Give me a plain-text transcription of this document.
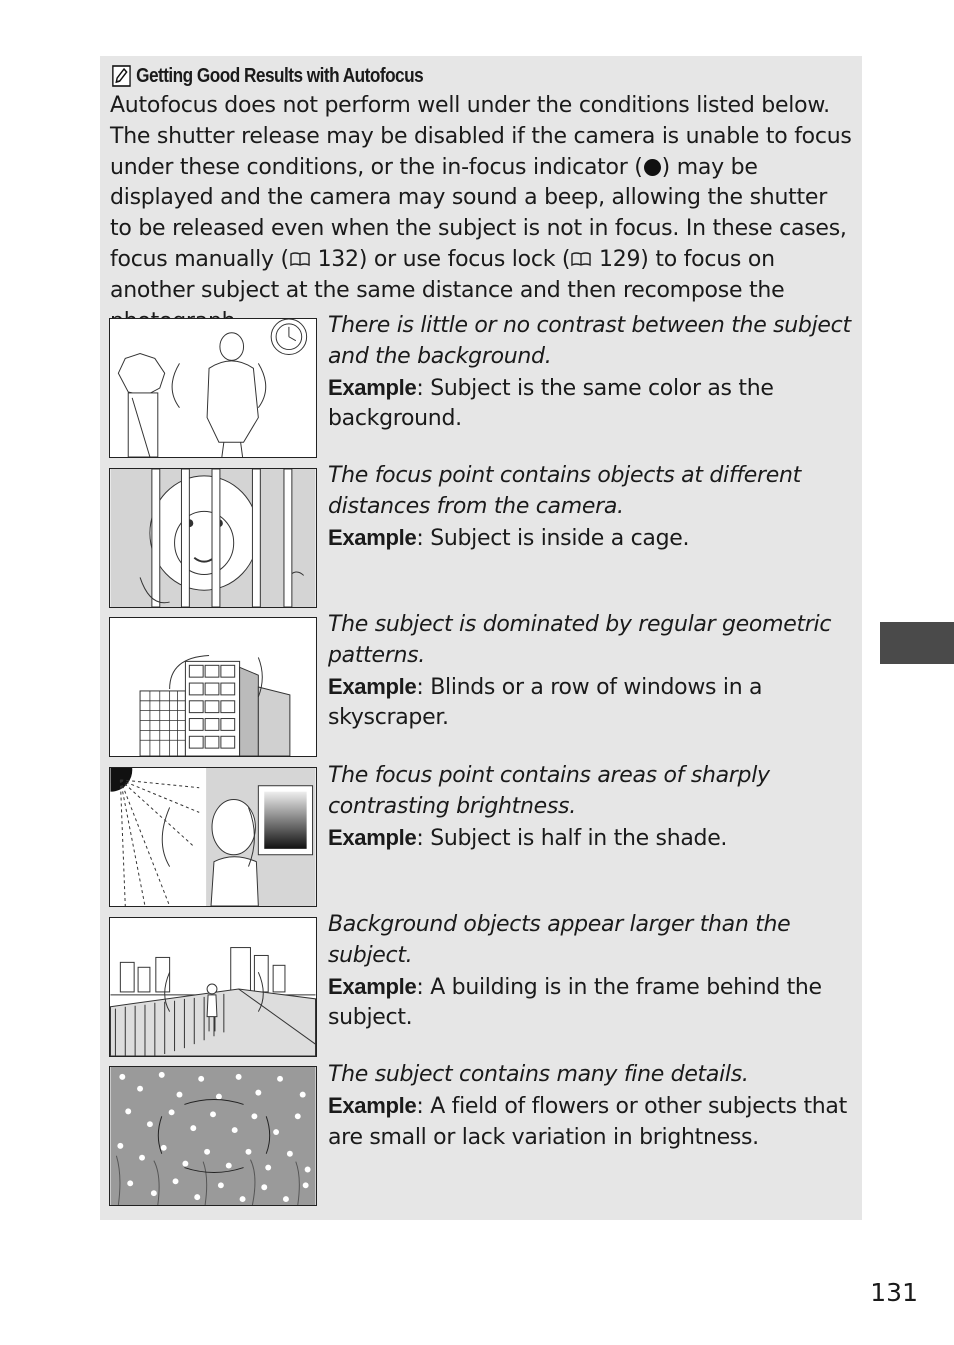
Getting Good Results with Autofocus

Autofocus does not perform well under the conditions listed below. The shutter release may be disabled if the camera is unable to focus under these conditions, or the in-focus indicator ( ) may be displayed and the camera may sound a beep, allowing the shutter to be released even when the subject is not in focus. In these cases, focus manually ( 132) or use focus lock ( 129) to focus on another subject at the same distance and then recompose the

There is little or no contrast between the subject and the background.
Example: Subject is the same color as the background.
The focus point contains objects at different distances from the camera.
Example: Subject is inside a cage.
The subject is dominated by regular geometric patterns.
Example: Blinds or a row of windows in a skyscraper.
The focus point contains areas of sharply contrasting brightness.
Example: Subject is half in the shade.
Background objects appear larger than the subject.
Example: A building is in the frame behind the subject.
The subject contains many fine details.
Example: A field of flowers or other subjects that are small or lack variation in brightness.
131
